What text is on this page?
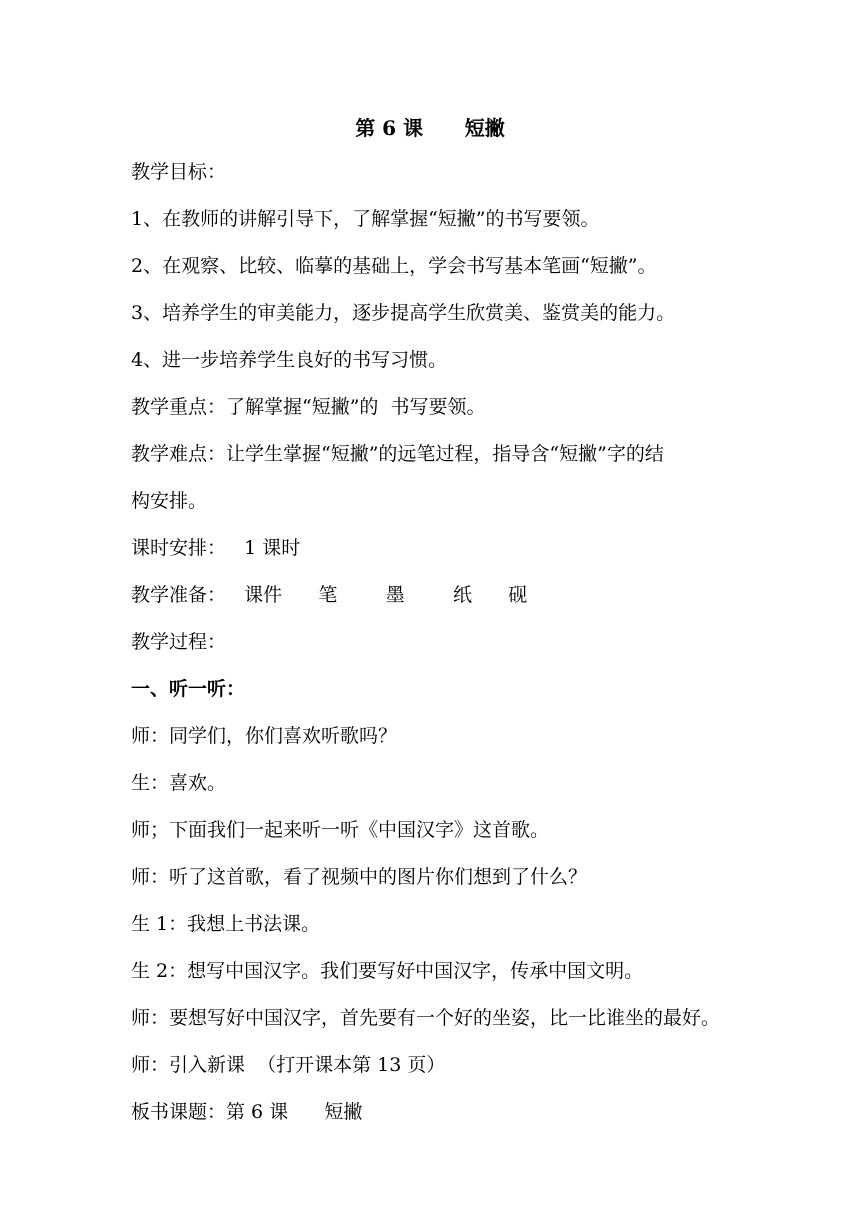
第 6 课      短撇
教学目标：
1、在教师的讲解引导下，了解掌握“短撇”的书写要领。
2、在观察、比较、临摹的基础上，学会书写基本笔画“短撇”。
3、培养学生的审美能力，逐步提高学生欣赏美、鉴赏美的能力。
4、进一步培养学生良好的书写习惯。
教学重点：了解掌握“短撇”的  书写要领。
教学难点：让学生掌握“短撇”的远笔过程，指导含“短撇”字的结
构安排。
课时安排：   1 课时
教学准备：   课件      笔        墨        纸      砚
教学过程：
一、听一听：
师：同学们，你们喜欢听歌吗？
生：喜欢。
师；下面我们一起来听一听《中国汉字》这首歌。
师：听了这首歌，看了视频中的图片你们想到了什么？
生 1：我想上书法课。
生 2：想写中国汉字。我们要写好中国汉字，传承中国文明。
师：要想写好中国汉字，首先要有一个好的坐姿，比一比谁坐的最好。
师：引入新课  （打开课本第 13 页）
板书课题：第 6 课      短撇
